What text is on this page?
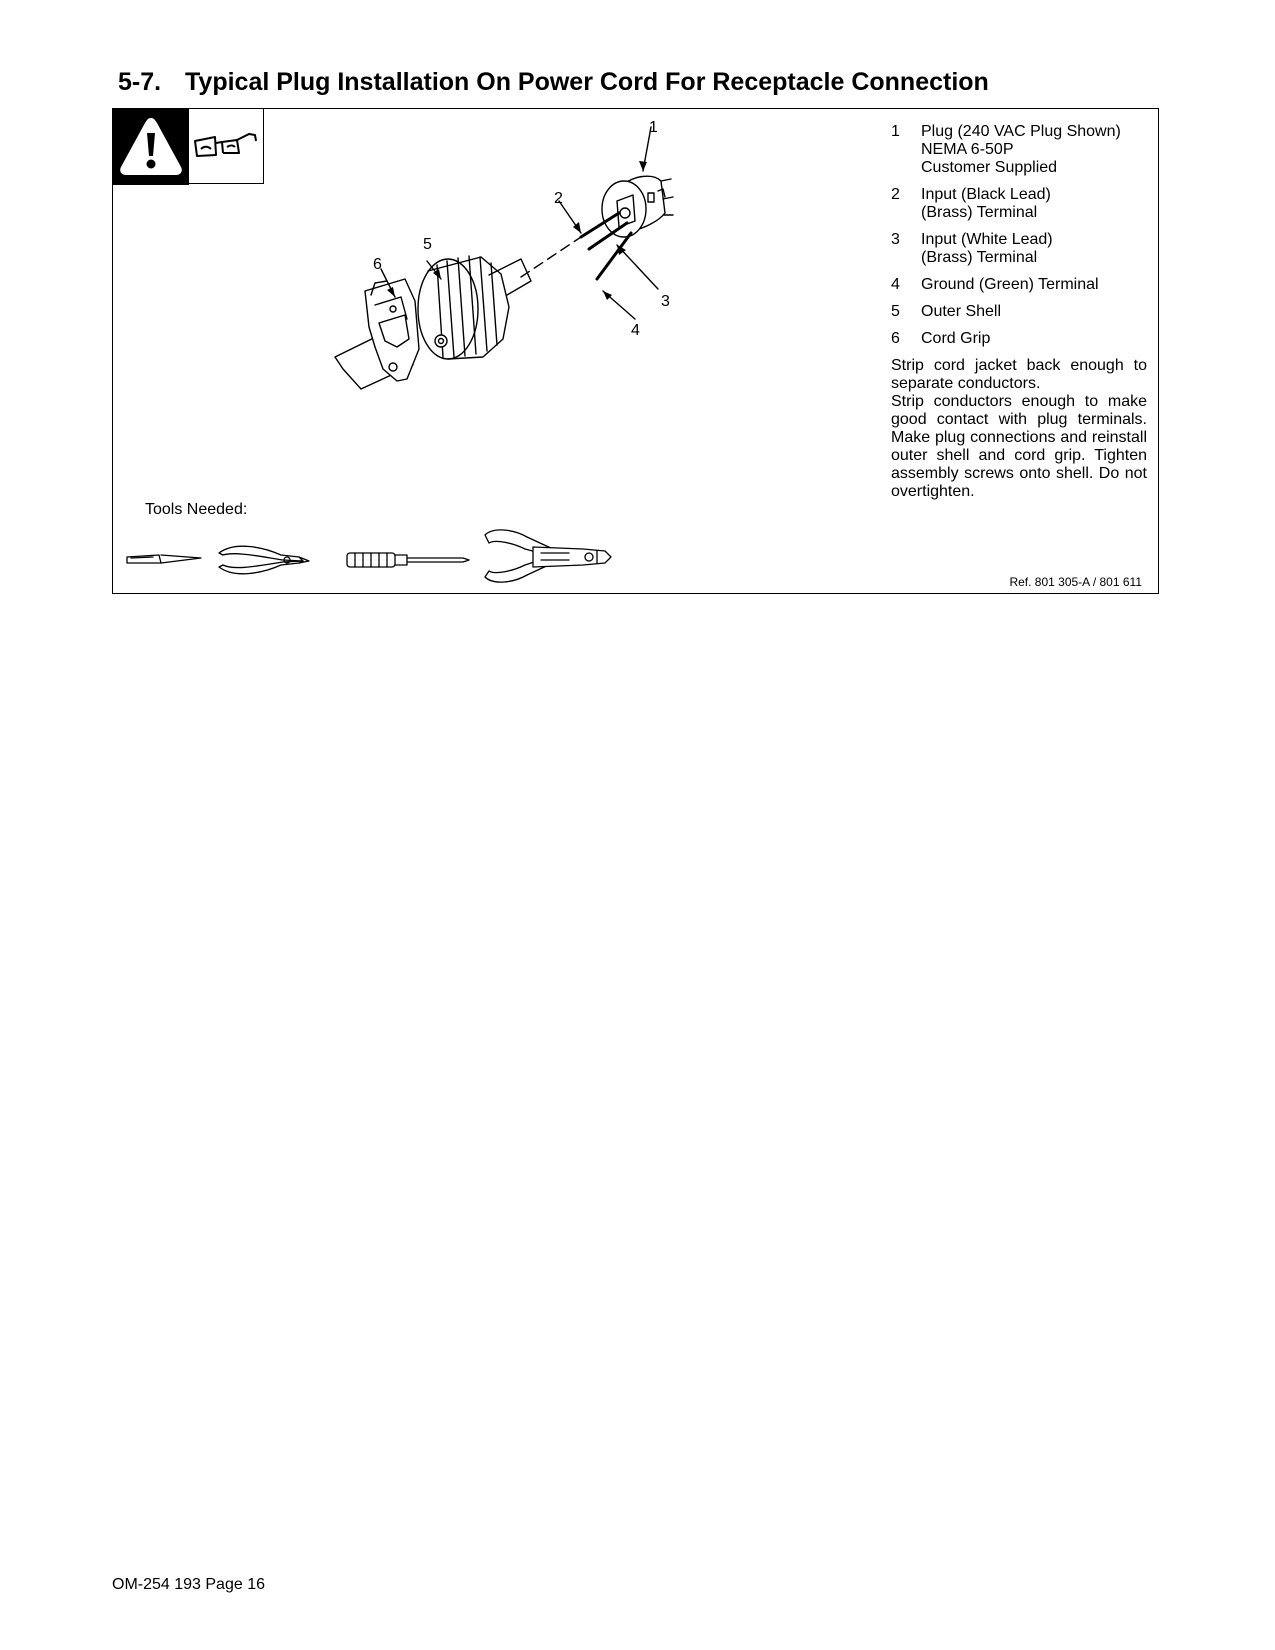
5-7. Typical Plug Installation On Power Cord For Receptacle Connection
1
2
3
4
5
6
Tools Needed:
1	Plug (240 VAC Plug Shown)
NEMA 6-50P
Customer Supplied
2	Input (Black Lead)
(Brass) Terminal
3	Input (White Lead)
(Brass) Terminal
4	Ground (Green) Terminal
5	Outer Shell
6	Cord Grip
Strip cord jacket back enough to separate conductors.
Strip conductors enough to make good contact with plug terminals. Make plug connections and reinstall outer shell and cord grip. Tighten assembly screws onto shell. Do not overtighten.
Ref. 801 305-A / 801 611
OM-254 193 Page 16
